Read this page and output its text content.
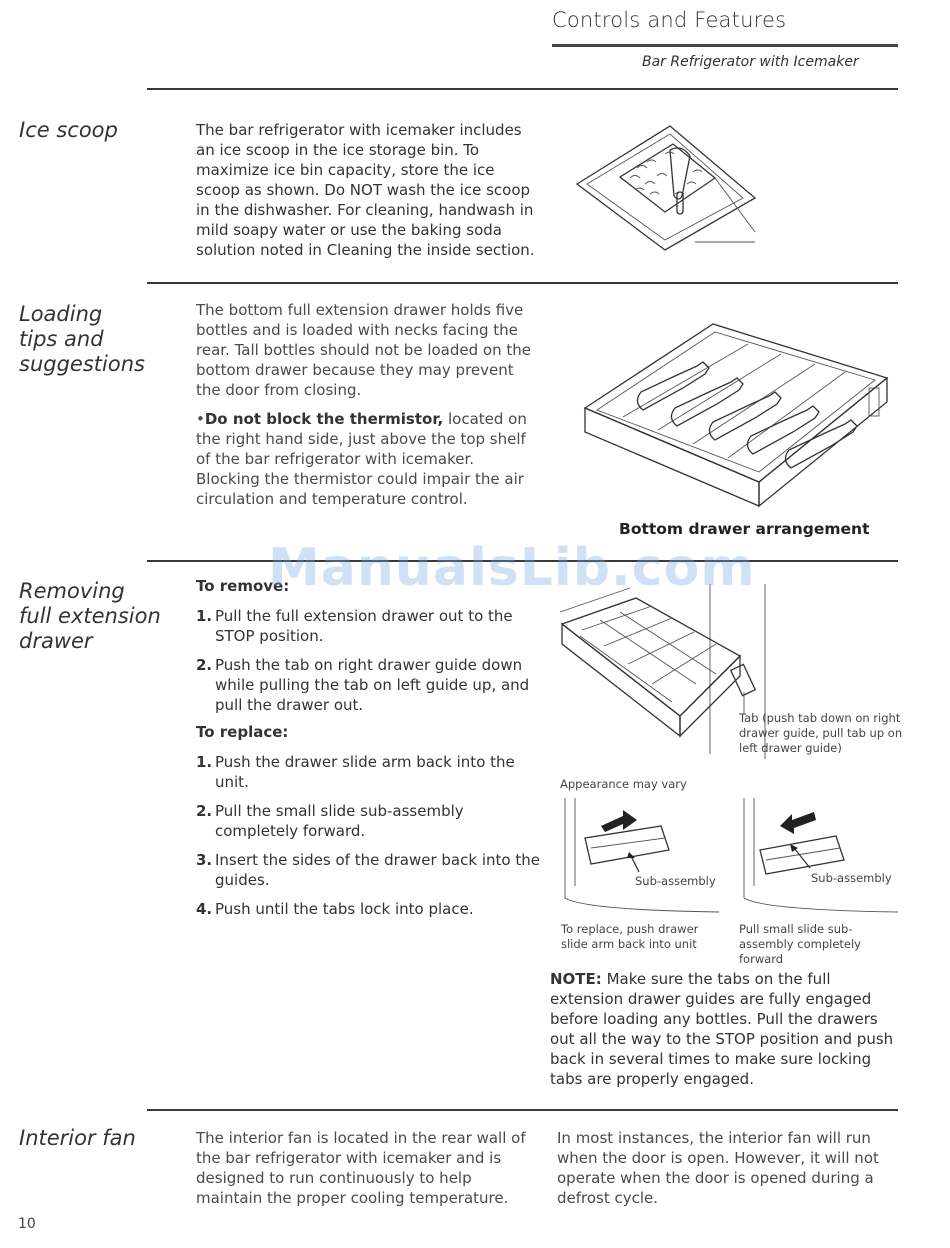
Controls and Features
Bar Refrigerator with Icemaker
Ice scoop	The bar refrigerator with icemaker includes an ice scoop in the ice storage bin. To maximize ice bin capacity, store the ice scoop as shown. Do NOT wash the ice scoop in the dishwasher. For cleaning, handwash in mild soapy water or use the baking soda solution noted in Cleaning the inside section.
Loading
tips and
suggestions
The bottom full extension drawer holds five bottles and is loaded with necks facing the rear. Tall bottles should not be loaded on the bottom drawer because they may prevent the door from closing.
•Do not block the thermistor, located on the right hand side, just above the top shelf of the bar refrigerator with icemaker. Blocking the thermistor could impair the air circulation and temperature control.
Bottom drawer arrangement
Removing
full extension
drawer
To remove:
1. Pull the full extension drawer out to the STOP position.
2. Push the tab on right drawer guide down while pulling the tab on left guide up, and pull the drawer out.
To replace:
1. Push the drawer slide arm back into the unit.
2. Pull the small slide sub-assembly completely forward.
3. Insert the sides of the drawer back into the guides.
4. Push until the tabs lock into place.
Tab (push tab down on right drawer guide, pull tab up on left drawer guide)
Appearance may vary
Sub-assembly	Sub-assembly
To replace, push drawer slide arm back into unit
Pull small slide sub-assembly completely forward
NOTE: Make sure the tabs on the full extension drawer guides are fully engaged before loading any bottles. Pull the drawers out all the way to the STOP position and push back in several times to make sure locking tabs are properly engaged.
Interior fan	The interior fan is located in the rear wall of the bar refrigerator with icemaker and is designed to run continuously to help maintain the proper cooling temperature.
In most instances, the interior fan will run when the door is open. However, it will not operate when the door is opened during a defrost cycle.
ManualsLib.com
10
